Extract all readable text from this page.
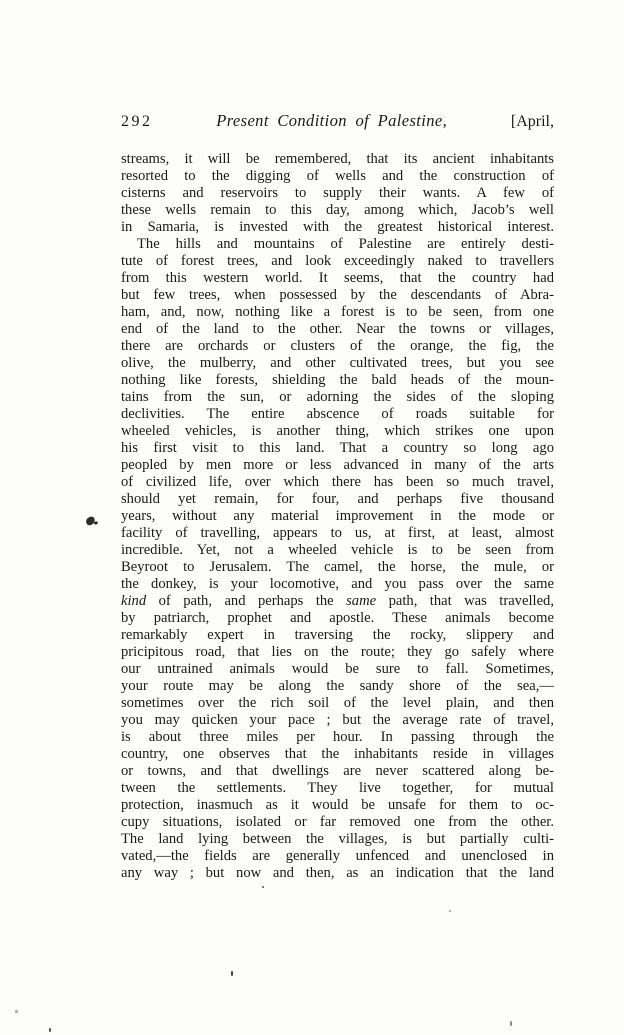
292	Present Condition of Palestine,	[April,
streams, it will be remembered, that its ancient inhabitants
resorted to the digging of wells and the construction of
cisterns and reservoirs to supply their wants. A few of
these wells remain to this day, among which, Jacob’s well
in Samaria, is invested with the greatest historical interest.
The hills and mountains of Palestine are entirely desti-
tute of forest trees, and look exceedingly naked to travellers
from this western world. It seems, that the country had
but few trees, when possessed by the descendants of Abra-
ham, and, now, nothing like a forest is to be seen, from one
end of the land to the other. Near the towns or villages,
there are orchards or clusters of the orange, the fig, the
olive, the mulberry, and other cultivated trees, but you see
nothing like forests, shielding the bald heads of the moun-
tains from the sun, or adorning the sides of the sloping
declivities. The entire abscence of roads suitable for
wheeled vehicles, is another thing, which strikes one upon
his first visit to this land. That a country so long ago
peopled by men more or less advanced in many of the arts
of civilized life, over which there has been so much travel,
should yet remain, for four, and perhaps five thousand
years, without any material improvement in the mode or
facility of travelling, appears to us, at first, at least, almost
incredible. Yet, not a wheeled vehicle is to be seen from
Beyroot to Jerusalem. The camel, the horse, the mule, or
the donkey, is your locomotive, and you pass over the same
kind of path, and perhaps the same path, that was travelled,
by patriarch, prophet and apostle. These animals become
remarkably expert in traversing the rocky, slippery and
pricipitous road, that lies on the route; they go safely where
our untrained animals would be sure to fall. Sometimes,
your route may be along the sandy shore of the sea,—
sometimes over the rich soil of the level plain, and then
you may quicken your pace ; but the average rate of travel,
is about three miles per hour. In passing through the
country, one observes that the inhabitants reside in villages
or towns, and that dwellings are never scattered along be-
tween the settlements. They live together, for mutual
protection, inasmuch as it would be unsafe for them to oc-
cupy situations, isolated or far removed one from the other.
The land lying between the villages, is but partially culti-
vated,—the fields are generally unfenced and unenclosed in
any way ; but now and then, as an indication that the land
